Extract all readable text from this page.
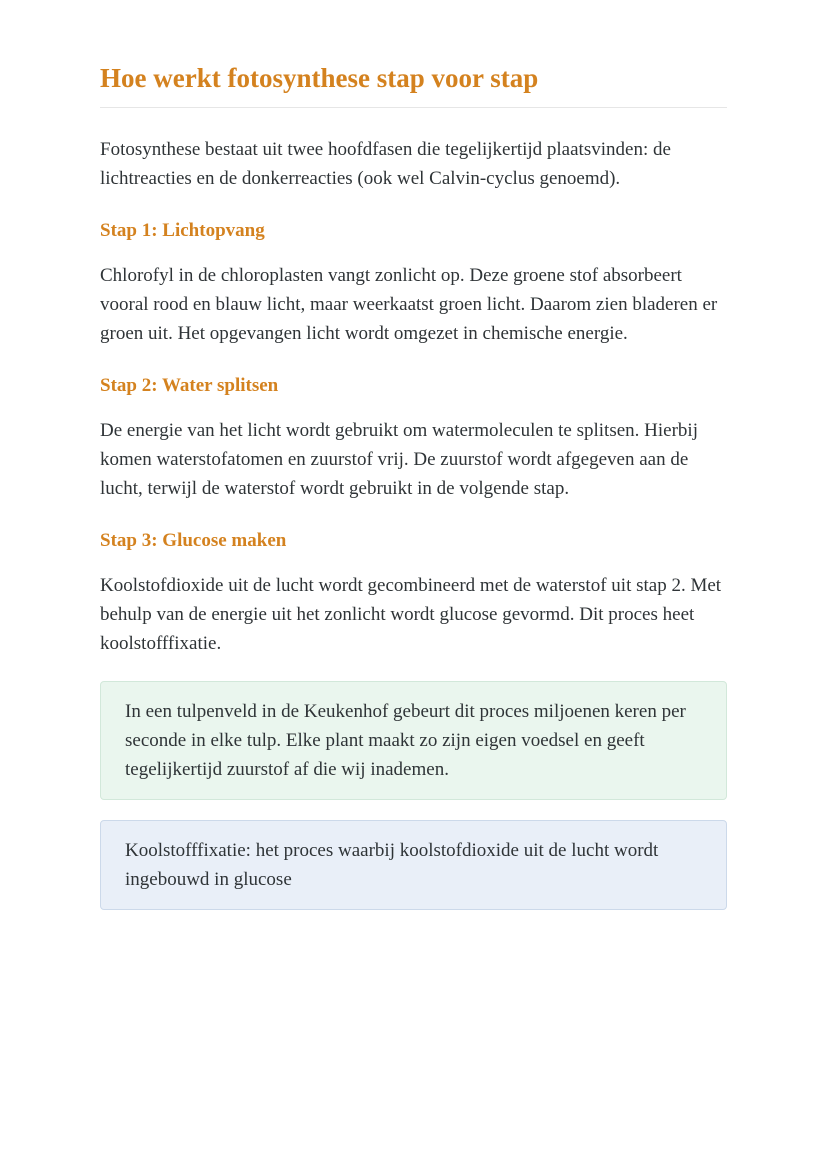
Hoe werkt fotosynthese stap voor stap

Fotosynthese bestaat uit twee hoofdfasen die tegelijkertijd plaatsvinden: de lichtreacties en de donkerreacties (ook wel Calvin-cyclus genoemd).

Stap 1: Lichtopvang

Chlorofyl in de chloroplasten vangt zonlicht op. Deze groene stof absorbeert vooral rood en blauw licht, maar weerkaatst groen licht. Daarom zien bladeren er groen uit. Het opgevangen licht wordt omgezet in chemische energie.

Stap 2: Water splitsen

De energie van het licht wordt gebruikt om watermoleculen te splitsen. Hierbij komen waterstofatomen en zuurstof vrij. De zuurstof wordt afgegeven aan de lucht, terwijl de waterstof wordt gebruikt in de volgende stap.

Stap 3: Glucose maken

Koolstofdioxide uit de lucht wordt gecombineerd met de waterstof uit stap 2. Met behulp van de energie uit het zonlicht wordt glucose gevormd. Dit proces heet koolstofffixatie.

In een tulpenveld in de Keukenhof gebeurt dit proces miljoenen keren per seconde in elke tulp. Elke plant maakt zo zijn eigen voedsel en geeft tegelijkertijd zuurstof af die wij inademen.

Koolstofffixatie: het proces waarbij koolstofdioxide uit de lucht wordt ingebouwd in glucose
